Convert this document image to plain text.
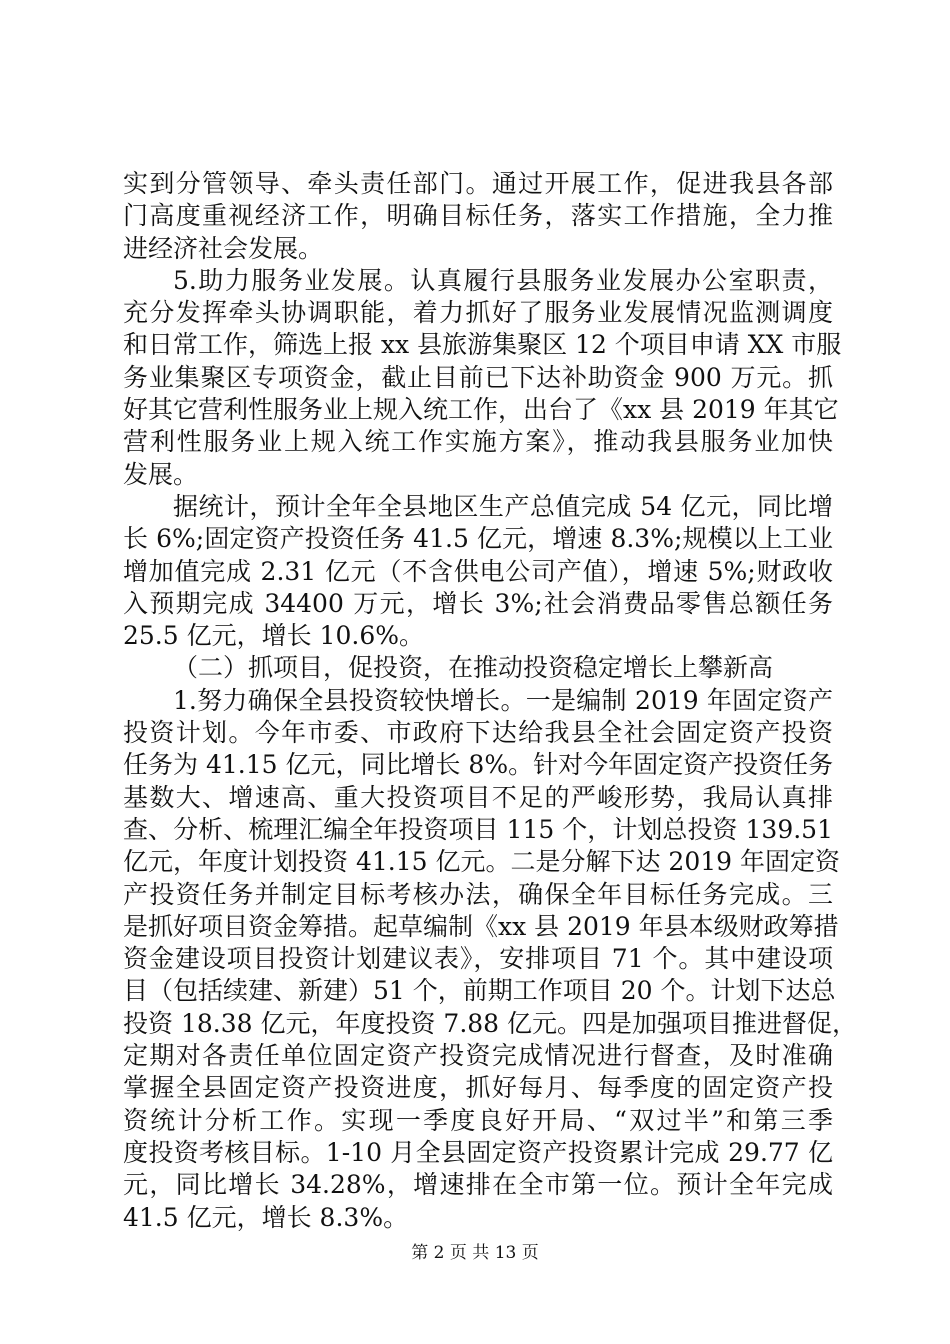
实到分管领导、牵头责任部门。通过开展工作，促进我县各部
门高度重视经济工作，明确目标任务，落实工作措施，全力推
进经济社会发展。
5.助力服务业发展。认真履行县服务业发展办公室职责，
充分发挥牵头协调职能，着力抓好了服务业发展情况监测调度
和日常工作，筛选上报 xx 县旅游集聚区 12 个项目申请 XX 市服
务业集聚区专项资金，截止目前已下达补助资金 900 万元。抓
好其它营利性服务业上规入统工作，出台了《xx 县 2019 年其它
营利性服务业上规入统工作实施方案》，推动我县服务业加快
发展。
据统计，预计全年全县地区生产总值完成 54 亿元，同比增
长 6%;固定资产投资任务 41.5 亿元，增速 8.3%;规模以上工业
增加值完成 2.31 亿元（不含供电公司产值），增速 5%;财政收
入预期完成 34400 万元，增长 3%;社会消费品零售总额任务
25.5 亿元，增长 10.6%。
（二）抓项目，促投资，在推动投资稳定增长上攀新高
1.努力确保全县投资较快增长。一是编制 2019 年固定资产
投资计划。今年市委、市政府下达给我县全社会固定资产投资
任务为 41.15 亿元，同比增长 8%。针对今年固定资产投资任务
基数大、增速高、重大投资项目不足的严峻形势，我局认真排
查、分析、梳理汇编全年投资项目 115 个，计划总投资 139.51
亿元，年度计划投资 41.15 亿元。二是分解下达 2019 年固定资
产投资任务并制定目标考核办法，确保全年目标任务完成。三
是抓好项目资金筹措。起草编制《xx 县 2019 年县本级财政筹措
资金建设项目投资计划建议表》，安排项目 71 个。其中建设项
目（包括续建、新建）51 个，前期工作项目 20 个。计划下达总
投资 18.38 亿元，年度投资 7.88 亿元。四是加强项目推进督促，
定期对各责任单位固定资产投资完成情况进行督查，及时准确
掌握全县固定资产投资进度，抓好每月、每季度的固定资产投
资统计分析工作。实现一季度良好开局、“双过半”和第三季
度投资考核目标。1-10 月全县固定资产投资累计完成 29.77 亿
元，同比增长 34.28%，增速排在全市第一位。预计全年完成
41.5 亿元，增长 8.3%。
第 2 页 共 13 页
